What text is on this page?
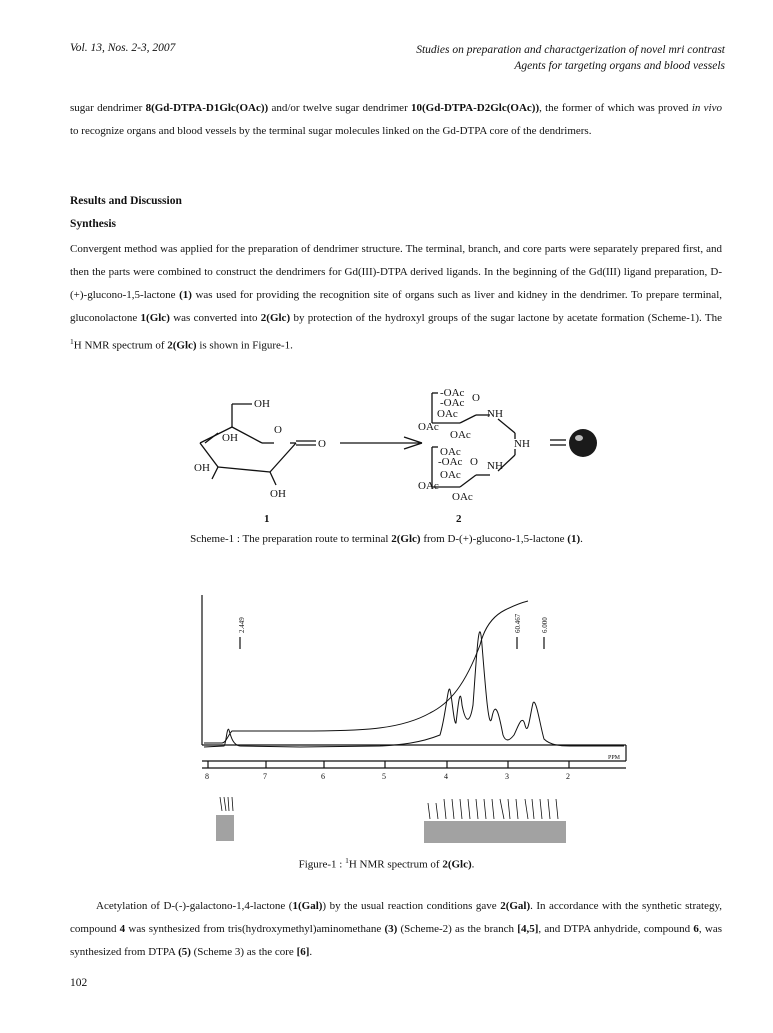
Vol. 13, Nos. 2-3, 2007	Studies on preparation and charactgerization of novel mri contrast
Agents for targeting organs and blood vessels
sugar dendrimer 8(Gd-DTPA-D1Glc(OAc)) and/or twelve sugar dendrimer 10(Gd-DTPA-D2Glc(OAc)), the former of which was proved in vivo to recognize organs and blood vessels by the terminal sugar molecules linked on the Gd-DTPA core of the dendrimers.
Results and Discussion
Synthesis
Convergent method was applied for the preparation of dendrimer structure. The terminal, branch, and core parts were separately prepared first, and then the parts were combined to construct the dendrimers for Gd(III)-DTPA derived ligands. In the beginning of the Gd(III) ligand preparation, D-(+)-glucono-1,5-lactone (1) was used for providing the recognition site of organs such as liver and kidney in the dendrimer. To prepare terminal, gluconolactone 1(Glc) was converted into 2(Glc) by protection of the hydroxyl groups of the sugar lactone by acetate formation (Scheme-1). The $^1$H NMR spectrum of 2(Glc) is shown in Figure-1.
OH
O
OH	O
OH
OH
1	2
-OAc
-OAc O
OAc	NH
OAc
OAc
NH
OAc
-OAc O NH
OAc
OAc
OAc
Scheme-1 : The preparation route to terminal 2(Glc) from D-(+)-glucono-1,5-lactone (1).
2.449	60.467	6.000
PPM
8	7	6	5	4	3	2
Figure-1 : $^1$H NMR spectrum of 2(Glc).
Acetylation of D-(-)-galactono-1,4-lactone (1(Gal)) by the usual reaction conditions gave 2(Gal). In accordance with the synthetic strategy, compound 4 was synthesized from tris(hydroxymethyl)aminomethane (3) (Scheme-2) as the branch [4,5], and DTPA anhydride, compound 6, was synthesized from DTPA (5) (Scheme 3) as the core [6].
102
